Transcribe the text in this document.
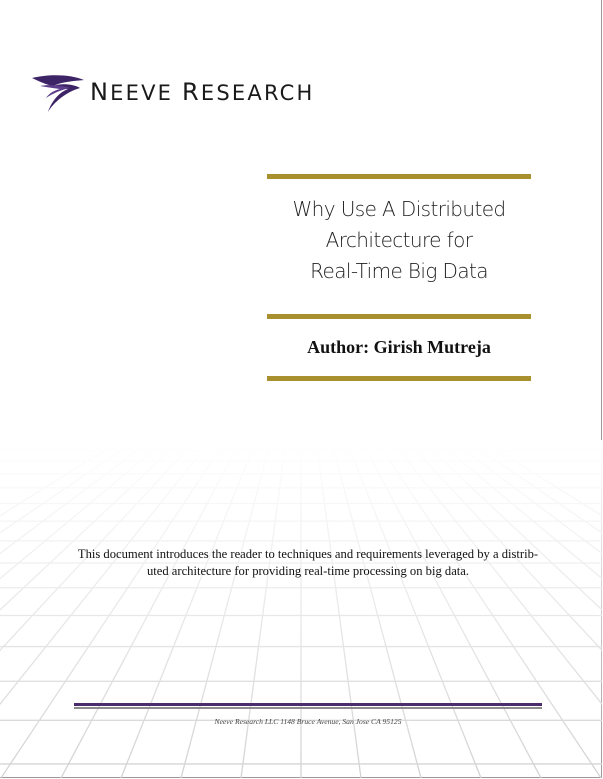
NEEVE RESEARCH
Why Use A Distributed
Architecture for
Real-Time Big Data
Author: Girish Mutreja
This document introduces the reader to techniques and requirements leveraged by a distrib-
uted architecture for providing real-time processing on big data.
Neeve Research LLC 1148 Bruce Avenue, San Jose CA 95125
